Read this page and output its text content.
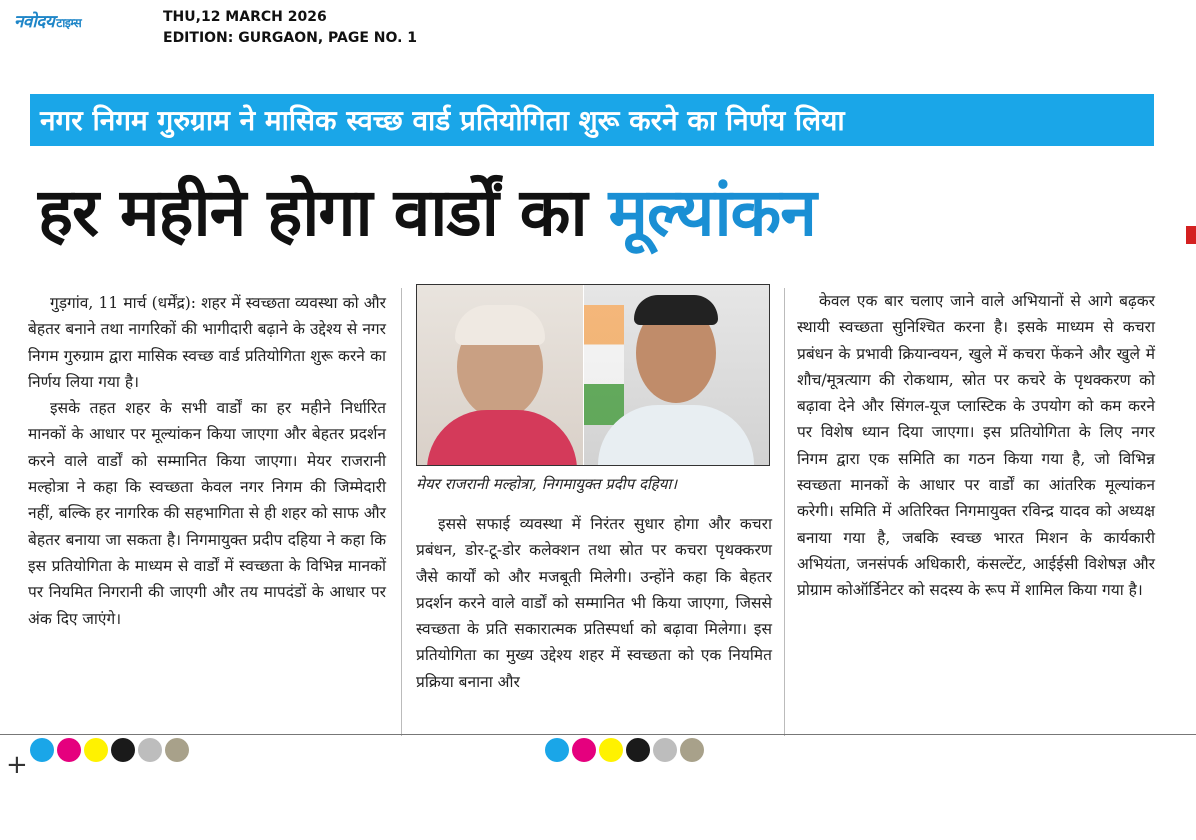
नवोदय टाइम्स	THU,12 MARCH 2026
EDITION: GURGAON, PAGE NO. 1
नगर निगम गुरुग्राम ने मासिक स्वच्छ वार्ड प्रतियोगिता शुरू करने का निर्णय लिया
हर महीने होगा वार्डों का मूल्यांकन

गुड़गांव, 11 मार्च (धर्मेंद्र): शहर में स्वच्छता व्यवस्था को और बेहतर बनाने तथा नागरिकों की भागीदारी बढ़ाने के उद्देश्य से नगर निगम गुरुग्राम द्वारा मासिक स्वच्छ वार्ड प्रतियोगिता शुरू करने का निर्णय लिया गया है।

इसके तहत शहर के सभी वार्डों का हर महीने निर्धारित मानकों के आधार पर मूल्यांकन किया जाएगा और बेहतर प्रदर्शन करने वाले वार्डों को सम्मानित किया जाएगा। मेयर राजरानी मल्होत्रा ने कहा कि स्वच्छता केवल नगर निगम की जिम्मेदारी नहीं, बल्कि हर नागरिक की सहभागिता से ही शहर को साफ और बेहतर बनाया जा सकता है। निगमायुक्त प्रदीप दहिया ने कहा कि इस प्रतियोगिता के माध्यम से वार्डों में स्वच्छता के विभिन्न मानकों पर नियमित निगरानी की जाएगी और तय मापदंडों के आधार पर अंक दिए जाएंगे।

मेयर राजरानी मल्होत्रा, निगमायुक्त प्रदीप दहिया।

इससे सफाई व्यवस्था में निरंतर सुधार होगा और कचरा प्रबंधन, डोर-टू-डोर कलेक्शन तथा स्रोत पर कचरा पृथक्करण जैसे कार्यों को और मजबूती मिलेगी। उन्होंने कहा कि बेहतर प्रदर्शन करने वाले वार्डों को सम्मानित भी किया जाएगा, जिससे स्वच्छता के प्रति सकारात्मक प्रतिस्पर्धा को बढ़ावा मिलेगा। इस प्रतियोगिता का मुख्य उद्देश्य शहर में स्वच्छता को एक नियमित प्रक्रिया बनाना और

केवल एक बार चलाए जाने वाले अभियानों से आगे बढ़कर स्थायी स्वच्छता सुनिश्चित करना है। इसके माध्यम से कचरा प्रबंधन के प्रभावी क्रियान्वयन, खुले में कचरा फेंकने और खुले में शौच/मूत्रत्याग की रोकथाम, स्रोत पर कचरे के पृथक्करण को बढ़ावा देने और सिंगल-यूज प्लास्टिक के उपयोग को कम करने पर विशेष ध्यान दिया जाएगा। इस प्रतियोगिता के लिए नगर निगम द्वारा एक समिति का गठन किया गया है, जो विभिन्न स्वच्छता मानकों के आधार पर वार्डों का आंतरिक मूल्यांकन करेगी। समिति में अतिरिक्त निगमायुक्त रविन्द्र यादव को अध्यक्ष बनाया गया है, जबकि स्वच्छ भारत मिशन के कार्यकारी अभियंता, जनसंपर्क अधिकारी, कंसल्टेंट, आईईसी विशेषज्ञ और प्रोग्राम कोऑर्डिनेटर को सदस्य के रूप में शामिल किया गया है।

+
